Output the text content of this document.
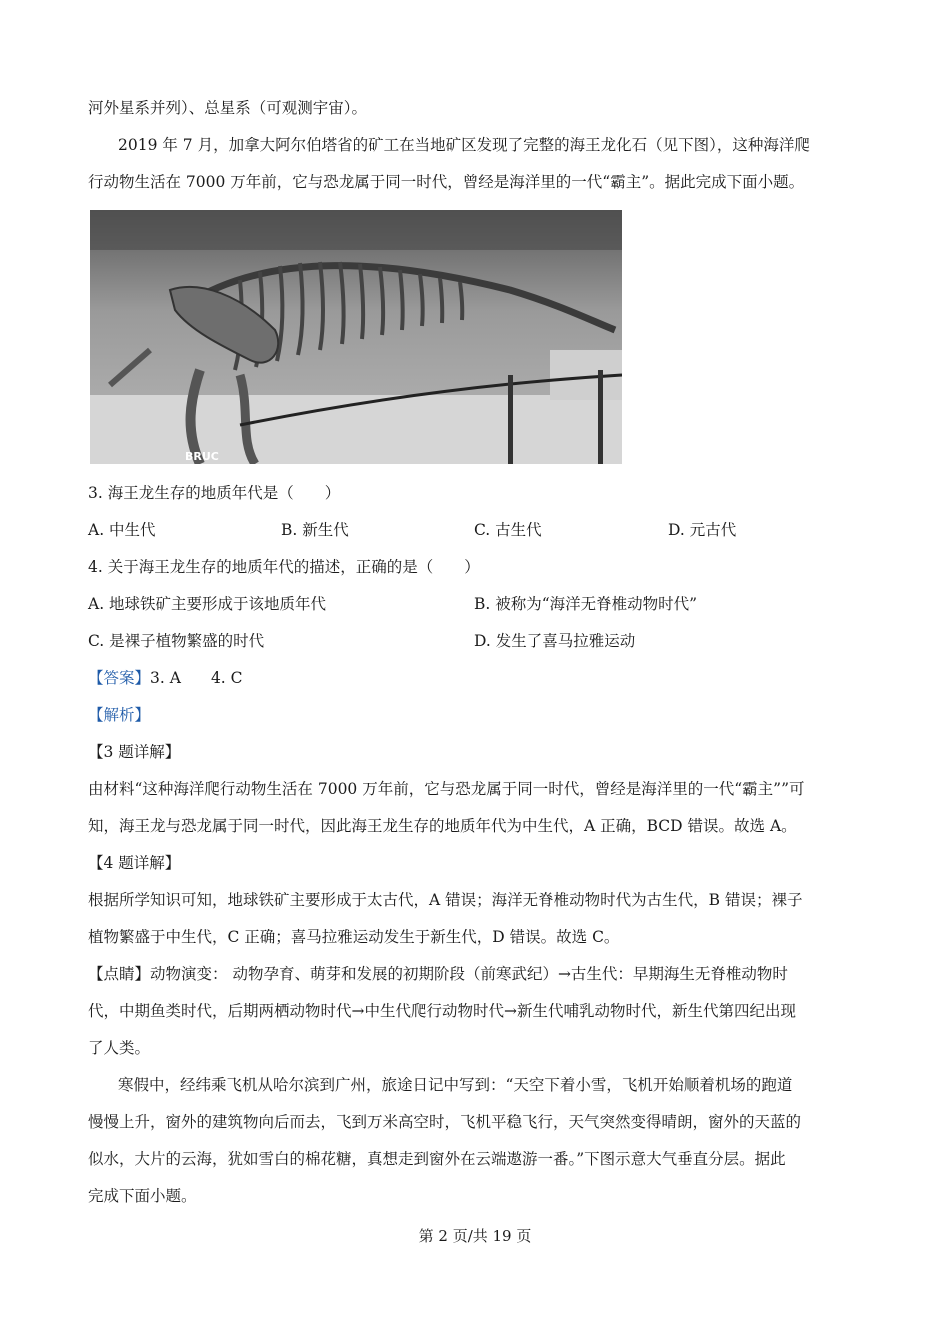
河外星系并列）、总星系（可观测宇宙）。
2019 年 7 月，加拿大阿尔伯塔省的矿工在当地矿区发现了完整的海王龙化石（见下图），这种海洋爬
行动物生活在 7000 万年前，它与恐龙属于同一时代，曾经是海洋里的一代“霸主”。据此完成下面小题。
BRUC
3. 海王龙生存的地质年代是（　　）
A. 中生代	B. 新生代	C. 古生代	D. 元古代
4. 关于海王龙生存的地质年代的描述，正确的是（　　）
A. 地球铁矿主要形成于该地质年代	B. 被称为“海洋无脊椎动物时代”
C. 是裸子植物繁盛的时代	D. 发生了喜马拉雅运动
【答案】3. A 4. C
【解析】
【3 题详解】
由材料“这种海洋爬行动物生活在 7000 万年前，它与恐龙属于同一时代，曾经是海洋里的一代“霸主””可
知，海王龙与恐龙属于同一时代，因此海王龙生存的地质年代为中生代，A 正确，BCD 错误。故选 A。
【4 题详解】
根据所学知识可知，地球铁矿主要形成于太古代，A 错误；海洋无脊椎动物时代为古生代，B 错误；裸子
植物繁盛于中生代，C 正确；喜马拉雅运动发生于新生代，D 错误。故选 C。
【点睛】动物演变： 动物孕育、萌芽和发展的初期阶段（前寒武纪）→古生代：早期海生无脊椎动物时
代，中期鱼类时代，后期两栖动物时代→中生代爬行动物时代→新生代哺乳动物时代，新生代第四纪出现
了人类。
寒假中，经纬乘飞机从哈尔滨到广州，旅途日记中写到：“天空下着小雪，飞机开始顺着机场的跑道
慢慢上升，窗外的建筑物向后而去，飞到万米高空时，飞机平稳飞行，天气突然变得晴朗，窗外的天蓝的
似水，大片的云海，犹如雪白的棉花糖，真想走到窗外在云端遨游一番。”下图示意大气垂直分层。据此
完成下面小题。
第 2 页/共 19 页
